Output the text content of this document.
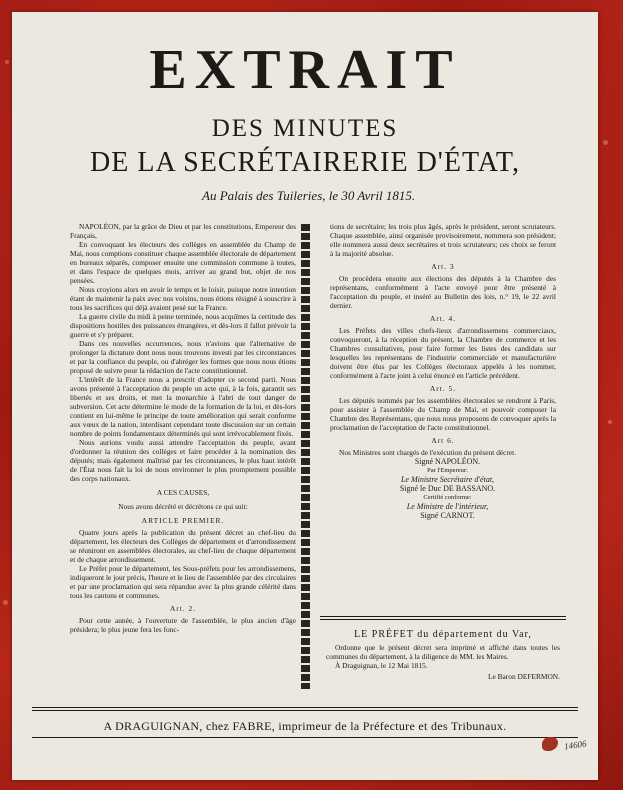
EXTRAIT
DES MINUTES
DE LA SECRÉTAIRERIE D'ÉTAT,
Au Palais des Tuileries, le 30 Avril 1815.

NAPOLÉON, par la grâce de Dieu et par les constitutions, Empereur des Français,

En convoquant les électeurs des collèges en assemblée du Champ de Mai, nous comptions constituer chaque assemblée électorale de département en bureaux séparés, composer ensuite une commission commune à toutes, et dans l'espace de quelques mois, arriver au grand but, objet de nos pensées.

Nous croyions alors en avoir le temps et le loisir, puisque notre intention étant de maintenir la paix avec nos voisins, nous étions résigné à souscrire à tous les sacrifices qui déjà avaient pesé sur la France.

La guerre civile du midi à peine terminée, nous acquîmes la certitude des dispositions hostiles des puissances étrangères, et dès-lors il fallut prévoir la guerre et s'y préparer.

Dans ces nouvelles occurrences, nous n'avions que l'alternative de prolonger la dictature dont nous nous trouvons investi par les circonstances et par la confiance du peuple, ou d'abréger les formes que nous nous étions proposé de suivre pour la rédaction de l'acte constitutionnel.

L'intérêt de la France nous a prescrit d'adopter ce second parti. Nous avons présenté à l'acceptation du peuple un acte qui, à la fois, garantit ses libertés et ses droits, et met la monarchie à l'abri de tout danger de subversion. Cet acte détermine le mode de la formation de la loi, et dès-lors contient en lui-même le principe de toute amélioration qui serait conforme aux vœux de la nation, interdisant cependant toute discussion sur un certain nombre de points fondamentaux déterminés qui sont irrévocablement fixés.

Nous aurions voulu aussi attendre l'acceptation du peuple, avant d'ordonner la réunion des collèges et faire procéder à la nomination des députés; mais également maîtrisé par les circonstances, le plus haut intérêt de l'État nous fait la loi de nous environner le plus promptement possible des corps nationaux.

A CES CAUSES,

Nous avons décrété et décrétons ce qui suit:

ARTICLE PREMIER.

Quatre jours après la publication du présent décret au chef-lieu du département, les électeurs des Collèges de département et d'arrondissement se réuniront en assemblées électorales, au chef-lieu de chaque département et de chaque arrondissement.

Le Préfet pour le département, les Sous-préfets pour les arrondissemens, indiqueront le jour précis, l'heure et le lieu de l'assemblée par des circulaires et par une proclamation qui sera répandue avec la plus grande célérité dans tous les cantons et communes.

Art. 2.

Pour cette année, à l'ouverture de l'assemblée, le plus ancien d'âge présidera; le plus jeune fera les fonc-

tions de secrétaire; les trois plus âgés, après le président, seront scrutateurs. Chaque assemblée, ainsi organisée provisoirement, nommera son président; elle nommera aussi deux secrétaires et trois scrutateurs; ces choix se feront à la majorité absolue.

Art. 3

On procédera ensuite aux élections des députés à la Chambre des représentans, conformément à l'acte envoyé pour être présenté à l'acceptation du peuple, et inséré au Bulletin des lois, n.° 19, le 22 avril dernier.

Art. 4.

Les Préfets des villes chefs-lieux d'arrondissemens commerciaux, convoqueront, à la réception du présent, la Chambre de commerce et les Chambres consultatives, pour faire former les listes des candidats sur lesquelles les représentans de l'industrie commerciale et manufacturière doivent être élus par les Collèges électoraux appelés à les nommer, conformément à l'acte joint à celui énoncé en l'article précédent.

Art. 5.

Les députés nommés par les assemblées électorales se rendront à Paris, pour assister à l'assemblée du Champ de Mai, et pouvoir composer la Chambre des Représentans, que nous nous proposons de convoquer après la proclamation de l'acceptation de l'acte constitutionnel.

Art 6.

Nos Ministres sont chargés de l'exécution du présent décret.

Signé NAPOLÉON.

Par l'Empereur:

Le Ministre Secrétaire d'état,

Signé le Duc DE BASSANO.

Certifié conforme:

Le Ministre de l'intérieur,

Signé CARNOT.

LE PRÉFET du département du Var,

Ordonne que le présent décret sera imprimé et affiché dans toutes les communes du département, à la diligence de MM. les Maires.

À Draguignan, le 12 Mai 1815.

Le Baron DEFERMON.

A DRAGUIGNAN, chez FABRE, imprimeur de la Préfecture et des Tribunaux.
14606
